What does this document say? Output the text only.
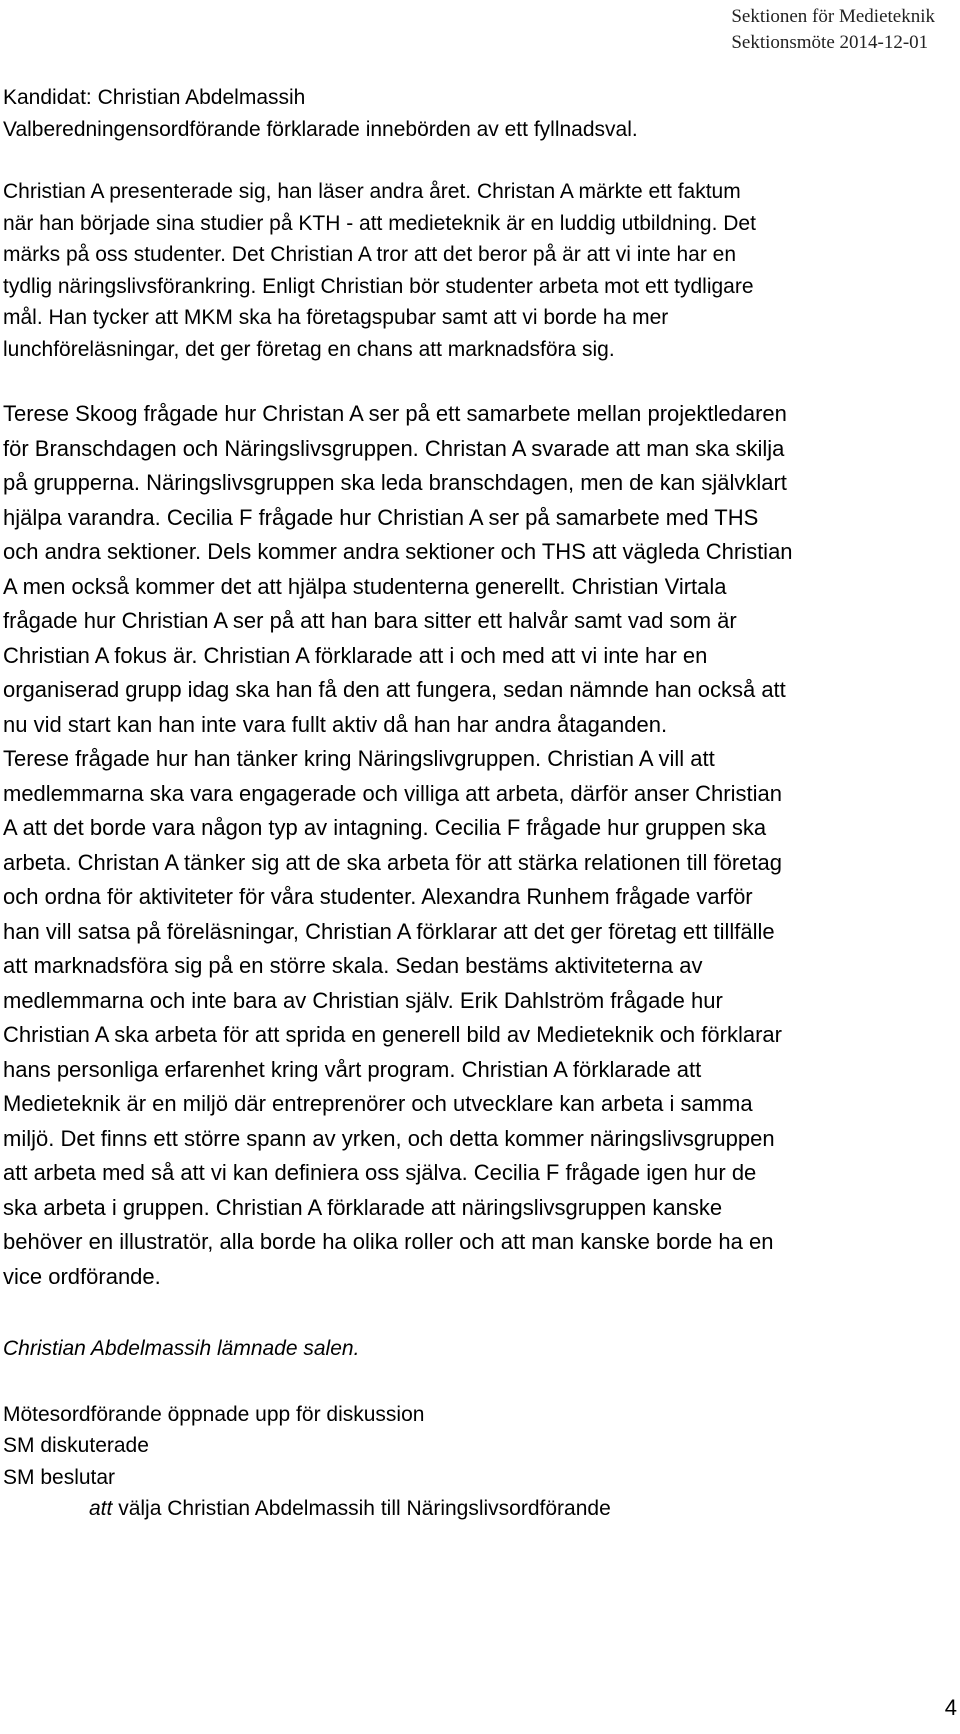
Sektionen för Medieteknik
Sektionsmöte 2014-12-01

Kandidat: Christian Abdelmassih

Valberedningensordförande förklarade innebörden av ett fyllnadsval.

Christian A presenterade sig, han läser andra året. Christan A märkte ett faktum

när han började sina studier på KTH - att medieteknik är en luddig utbildning. Det

märks på oss studenter. Det Christian A tror att det beror på är att vi inte har en

tydlig näringslivsförankring. Enligt Christian bör studenter arbeta mot ett tydligare

mål. Han tycker att MKM ska ha företagspubar samt att vi borde ha mer

lunchföreläsningar, det ger företag en chans att marknadsföra sig.

Terese Skoog frågade hur Christan A ser på ett samarbete mellan projektledaren

för Branschdagen och Näringslivsgruppen. Christan A svarade att man ska skilja

på grupperna. Näringslivsgruppen ska leda branschdagen, men de kan självklart

hjälpa varandra. Cecilia F frågade hur Christian A ser på samarbete med THS

och andra sektioner. Dels kommer andra sektioner och THS att vägleda Christian

A men också kommer det att hjälpa studenterna generellt. Christian Virtala

frågade hur Christian A ser på att han bara sitter ett halvår samt vad som är

Christian A fokus är. Christian A förklarade att i och med att vi inte har en

organiserad grupp idag ska han få den att fungera, sedan nämnde han också att

nu vid start kan han inte vara fullt aktiv då han har andra åtaganden.

Terese frågade hur han tänker kring Näringslivgruppen. Christian A vill att

medlemmarna ska vara engagerade och villiga att arbeta, därför anser Christian

A att det borde vara någon typ av intagning. Cecilia F frågade hur gruppen ska

arbeta. Christan A tänker sig att de ska arbeta för att stärka relationen till företag

och ordna för aktiviteter för våra studenter. Alexandra Runhem frågade varför

han vill satsa på föreläsningar, Christian A förklarar att det ger företag ett tillfälle

att marknadsföra sig på en större skala. Sedan bestäms aktiviteterna av

medlemmarna och inte bara av Christian själv. Erik Dahlström frågade hur

Christian A ska arbeta för att sprida en generell bild av Medieteknik och förklarar

hans personliga erfarenhet kring vårt program. Christian A förklarade att

Medieteknik är en miljö där entreprenörer och utvecklare kan arbeta i samma

miljö. Det finns ett större spann av yrken, och detta kommer näringslivsgruppen

att arbeta med så att vi kan definiera oss själva. Cecilia F frågade igen hur de

ska arbeta i gruppen. Christian A förklarade att näringslivsgruppen kanske

behöver en illustratör, alla borde ha olika roller och att man kanske borde ha en

vice ordförande.

Christian Abdelmassih lämnade salen.

Mötesordförande öppnade upp för diskussion

SM diskuterade

SM beslutar

att välja Christian Abdelmassih till Näringslivsordförande

4
